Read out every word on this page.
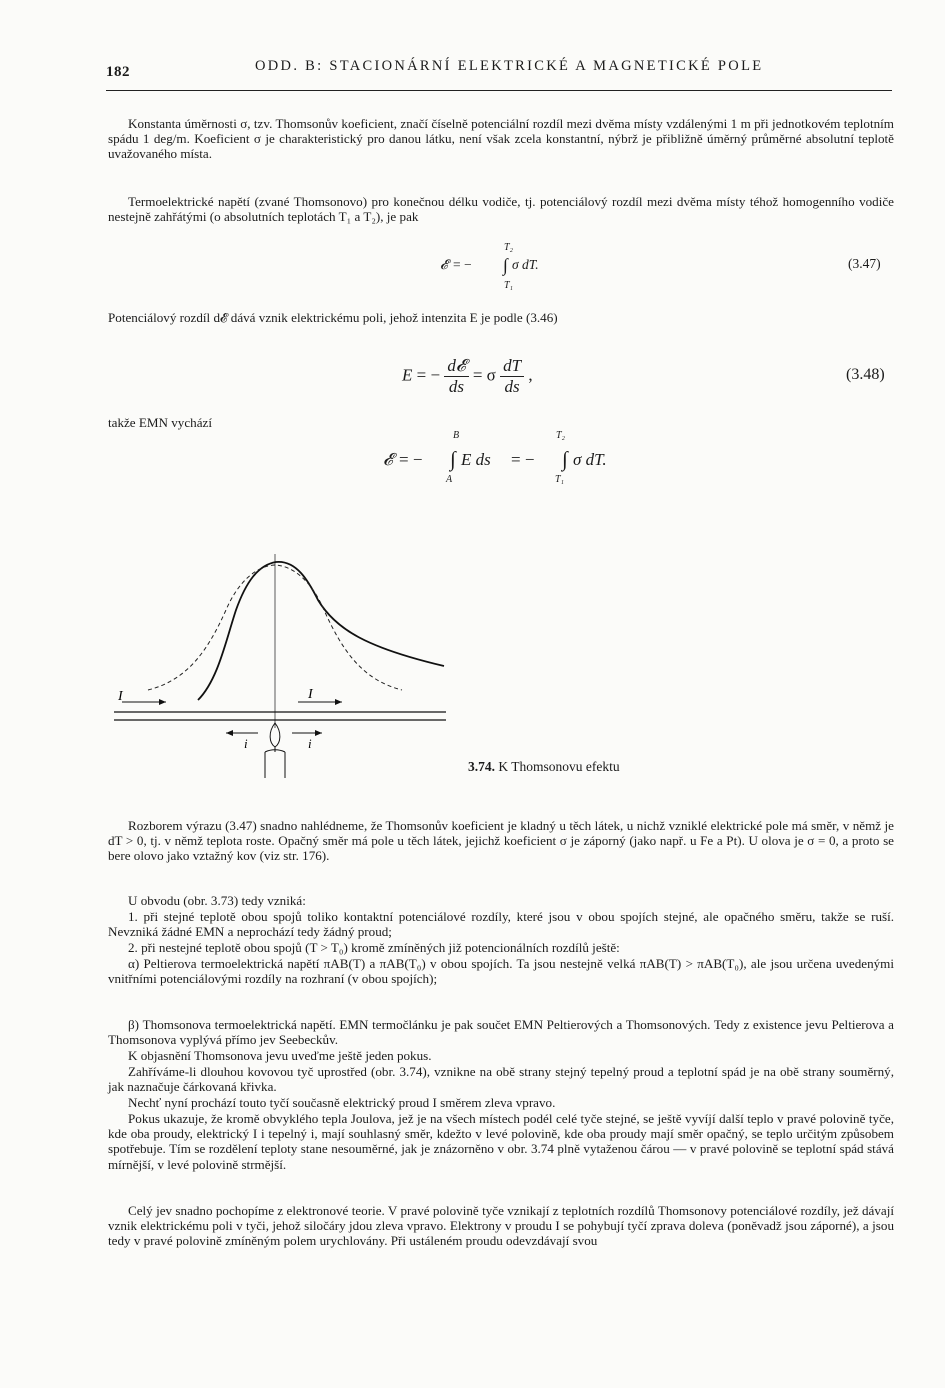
182	ODD. B: STACIONÁRNÍ ELEKTRICKÉ A MAGNETICKÉ POLE

Konstanta úměrnosti σ, tzv. Thomsonův koeficient, značí číselně potenciální rozdíl mezi dvěma místy vzdálenými 1 m při jednotkovém teplotním spádu 1 deg/m. Koeficient σ je charakteristický pro danou látku, není však zcela konstantní, nýbrž je přibližně úměrný průměrné absolutní teplotě uvažovaného místa.

Termoelektrické napětí (zvané Thomsonovo) pro konečnou délku vodiče, tj. potenciálový rozdíl mezi dvěma místy téhož homogenního vodiče nestejně zahřátými (o absolutních teplotách T₁ a T₂), je pak

𝓔 = −
T₂
∫
T₁
σ dT.	(3.47)

Potenciálový rozdíl d𝓔 dává vznik elektrickému poli, jehož intenzita E je podle (3.46)

E = − $\frac{\text{d𝓔}}{ds} = \sigma \frac{dT}{ds}$ ,	(3.48)

takže EMN vychází

𝓔 = −
B
∫
A
E ds = −
T₂
∫
T₁
σ dT.
I	I
i	i
3.74. K Thomsonovu efektu

Rozborem výrazu (3.47) snadno nahlédneme, že Thomsonův koeficient je kladný u těch látek, u nichž vzniklé elektrické pole má směr, v němž je dT > 0, tj. v němž teplota roste. Opačný směr má pole u těch látek, jejichž koeficient σ je záporný (jako např. u Fe a Pt). U olova je σ = 0, a proto se bere olovo jako vztažný kov (viz str. 176).

U obvodu (obr. 3.73) tedy vzniká:

1. při stejné teplotě obou spojů toliko kontaktní potenciálové rozdíly, které jsou v obou spojích stejné, ale opačného směru, takže se ruší. Nevzniká žádné EMN a neprochází tedy žádný proud;

2. při nestejné teplotě obou spojů (T > T₀) kromě zmíněných již potencionálních rozdílů ještě:

α) Peltierova termoelektrická napětí πAB(T) a πAB(T₀) v obou spojích. Ta jsou nestejně velká πAB(T) > πAB(T₀), ale jsou určena uvedenými vnitřními potenciálovými rozdíly na rozhraní (v obou spojích);

β) Thomsonova termoelektrická napětí. EMN termočlánku je pak součet EMN Peltierových a Thomsonových. Tedy z existence jevu Peltierova a Thomsonova vyplývá přímo jev Seebeckův.

K objasnění Thomsonova jevu uveďme ještě jeden pokus.

Zahříváme-li dlouhou kovovou tyč uprostřed (obr. 3.74), vznikne na obě strany stejný tepelný proud a teplotní spád je na obě strany souměrný, jak naznačuje čárkovaná křivka.

Nechť nyní prochází touto tyčí současně elektrický proud I směrem zleva vpravo.

Pokus ukazuje, že kromě obvyklého tepla Joulova, jež je na všech místech podél celé tyče stejné, se ještě vyvíjí další teplo v pravé polovině tyče, kde oba proudy, elektrický I i tepelný i, mají souhlasný směr, kdežto v levé polovině, kde oba proudy mají směr opačný, se teplo určitým způsobem spotřebuje. Tím se rozdělení teploty stane nesouměrné, jak je znázorněno v obr. 3.74 plně vytaženou čárou — v pravé polovině se teplotní spád stává mírnější, v levé polovině strmější.

Celý jev snadno pochopíme z elektronové teorie. V pravé polovině tyče vznikají z teplotních rozdílů Thomsonovy potenciálové rozdíly, jež dávají vznik elektrickému poli v tyči, jehož siločáry jdou zleva vpravo. Elektrony v proudu I se pohybují tyčí zprava doleva (poněvadž jsou záporné), a jsou tedy v pravé polovině zmíněným polem urychlovány. Při ustáleném proudu odevzdávají svou
